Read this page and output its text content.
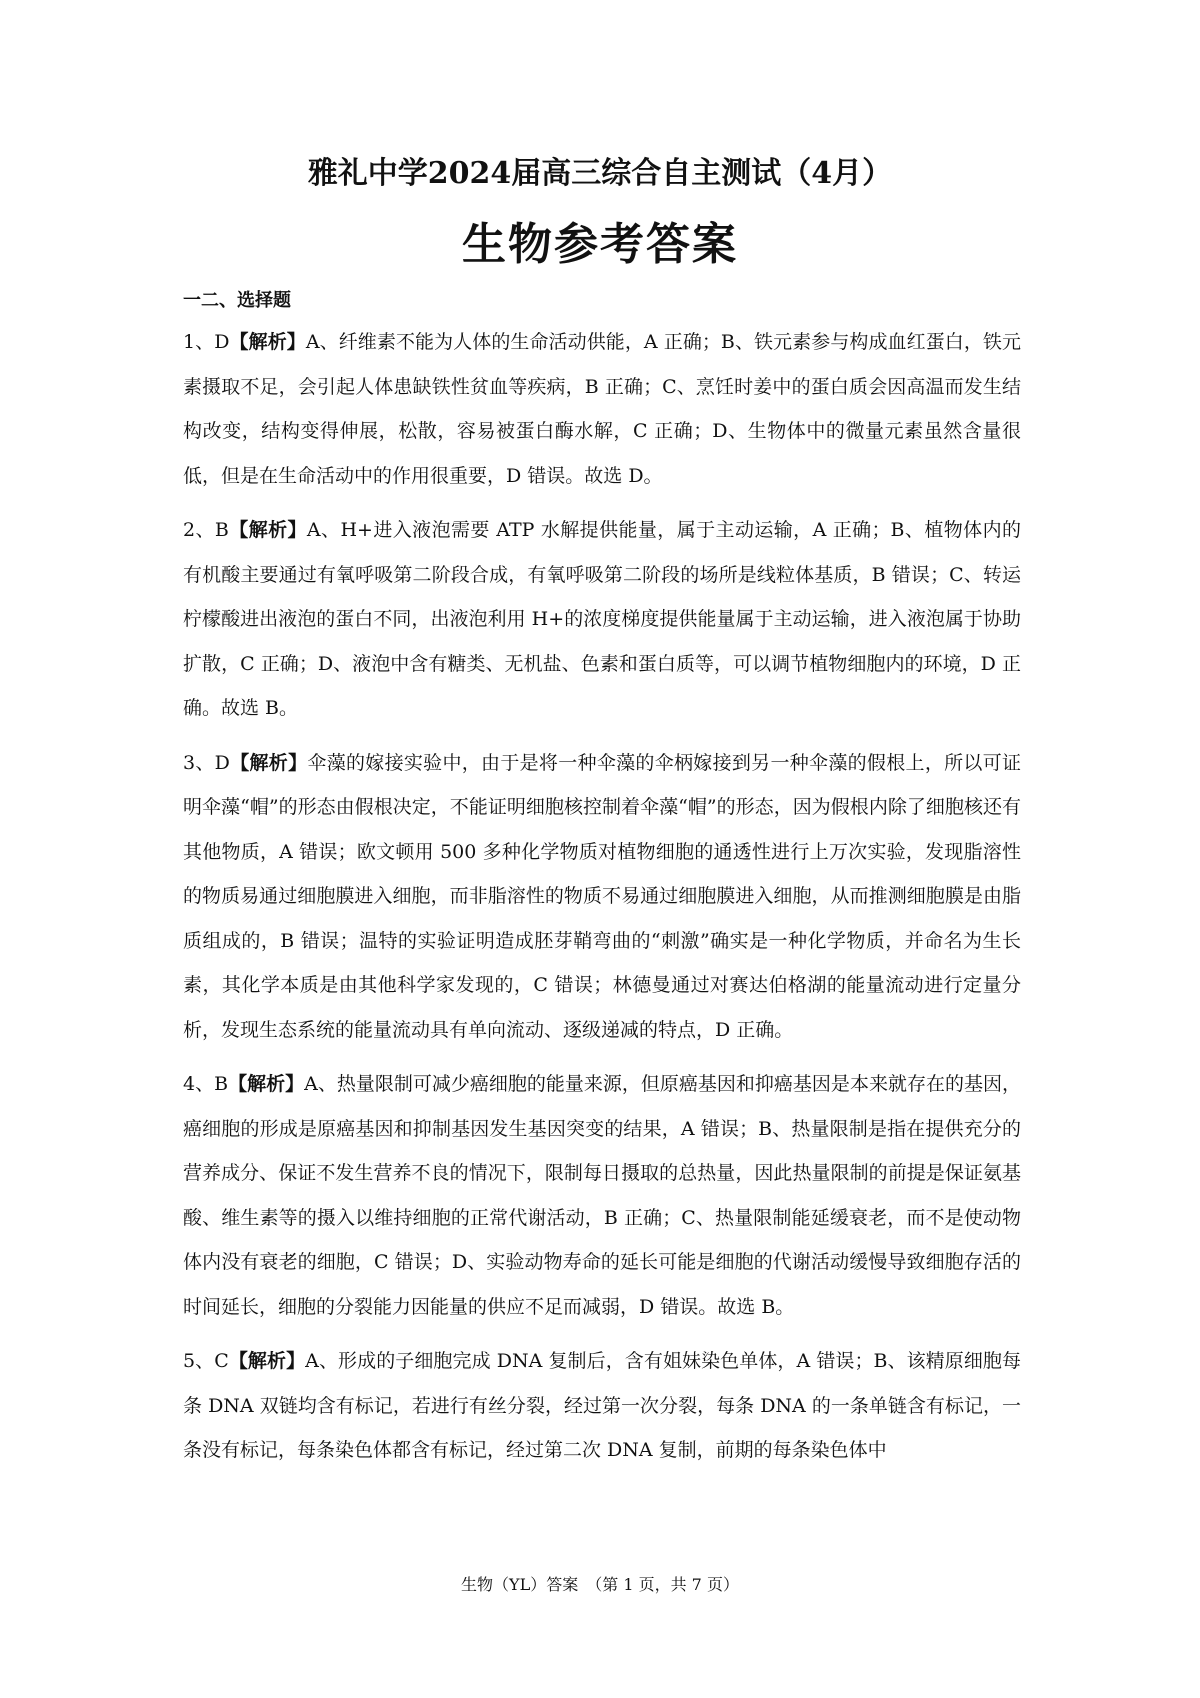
雅礼中学2024届高三综合自主测试（4月）
生物参考答案
一二、选择题

1、D【解析】A、纤维素不能为人体的生命活动供能，A 正确；B、铁元素参与构成血红蛋白，铁元素摄取不足，会引起人体患缺铁性贫血等疾病，B 正确；C、烹饪时姜中的蛋白质会因高温而发生结构改变，结构变得伸展，松散，容易被蛋白酶水解，C 正确；D、生物体中的微量元素虽然含量很低，但是在生命活动中的作用很重要，D 错误。故选 D。

2、B【解析】A、H+进入液泡需要 ATP 水解提供能量，属于主动运输，A 正确；B、植物体内的有机酸主要通过有氧呼吸第二阶段合成，有氧呼吸第二阶段的场所是线粒体基质，B 错误；C、转运柠檬酸进出液泡的蛋白不同，出液泡利用 H+的浓度梯度提供能量属于主动运输，进入液泡属于协助扩散，C 正确；D、液泡中含有糖类、无机盐、色素和蛋白质等，可以调节植物细胞内的环境，D 正确。故选 B。

3、D【解析】伞藻的嫁接实验中，由于是将一种伞藻的伞柄嫁接到另一种伞藻的假根上，所以可证明伞藻“帽”的形态由假根决定，不能证明细胞核控制着伞藻“帽”的形态，因为假根内除了细胞核还有其他物质，A 错误；欧文顿用 500 多种化学物质对植物细胞的通透性进行上万次实验，发现脂溶性的物质易通过细胞膜进入细胞，而非脂溶性的物质不易通过细胞膜进入细胞，从而推测细胞膜是由脂质组成的，B 错误；温特的实验证明造成胚芽鞘弯曲的“刺激”确实是一种化学物质，并命名为生长素，其化学本质是由其他科学家发现的，C 错误；林德曼通过对赛达伯格湖的能量流动进行定量分析，发现生态系统的能量流动具有单向流动、逐级递减的特点，D 正确。

4、B【解析】A、热量限制可减少癌细胞的能量来源，但原癌基因和抑癌基因是本来就存在的基因，癌细胞的形成是原癌基因和抑制基因发生基因突变的结果，A 错误；B、热量限制是指在提供充分的营养成分、保证不发生营养不良的情况下，限制每日摄取的总热量，因此热量限制的前提是保证氨基酸、维生素等的摄入以维持细胞的正常代谢活动，B 正确；C、热量限制能延缓衰老，而不是使动物体内没有衰老的细胞，C 错误；D、实验动物寿命的延长可能是细胞的代谢活动缓慢导致细胞存活的时间延长，细胞的分裂能力因能量的供应不足而减弱，D 错误。故选 B。

5、C【解析】A、形成的子细胞完成 DNA 复制后，含有姐妹染色单体，A 错误；B、该精原细胞每条 DNA 双链均含有标记，若进行有丝分裂，经过第一次分裂，每条 DNA 的一条单链含有标记，一条没有标记，每条染色体都含有标记，经过第二次 DNA 复制，前期的每条染色体中

生物（YL）答案　（第 1 页，共 7 页）
